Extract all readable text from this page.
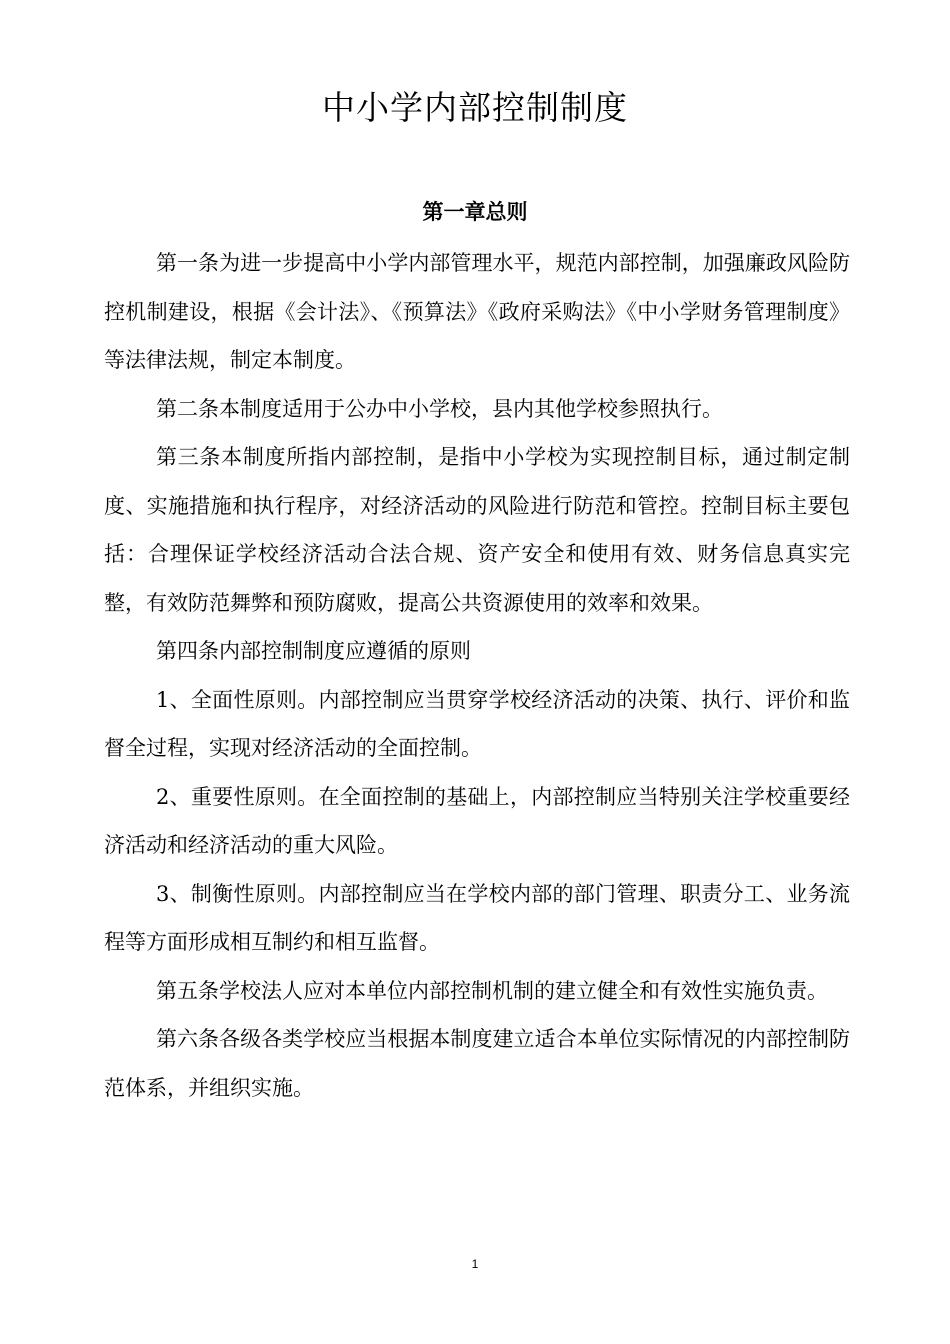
中小学内部控制制度
第一章总则

第一条为进一步提高中小学内部管理水平，规范内部控制，加强廉政风险防控机制建设，根据《会计法》、《预算法》《政府采购法》《中小学财务管理制度》等法律法规，制定本制度。

第二条本制度适用于公办中小学校，县内其他学校参照执行。

第三条本制度所指内部控制，是指中小学校为实现控制目标，通过制定制度、实施措施和执行程序，对经济活动的风险进行防范和管控。控制目标主要包括：合理保证学校经济活动合法合规、资产安全和使用有效、财务信息真实完整，有效防范舞弊和预防腐败，提高公共资源使用的效率和效果。

第四条内部控制制度应遵循的原则

1、全面性原则。内部控制应当贯穿学校经济活动的决策、执行、评价和监督全过程，实现对经济活动的全面控制。

2、重要性原则。在全面控制的基础上，内部控制应当特别关注学校重要经济活动和经济活动的重大风险。

3、制衡性原则。内部控制应当在学校内部的部门管理、职责分工、业务流程等方面形成相互制约和相互监督。

第五条学校法人应对本单位内部控制机制的建立健全和有效性实施负责。

第六条各级各类学校应当根据本制度建立适合本单位实际情况的内部控制防范体系，并组织实施。

1
